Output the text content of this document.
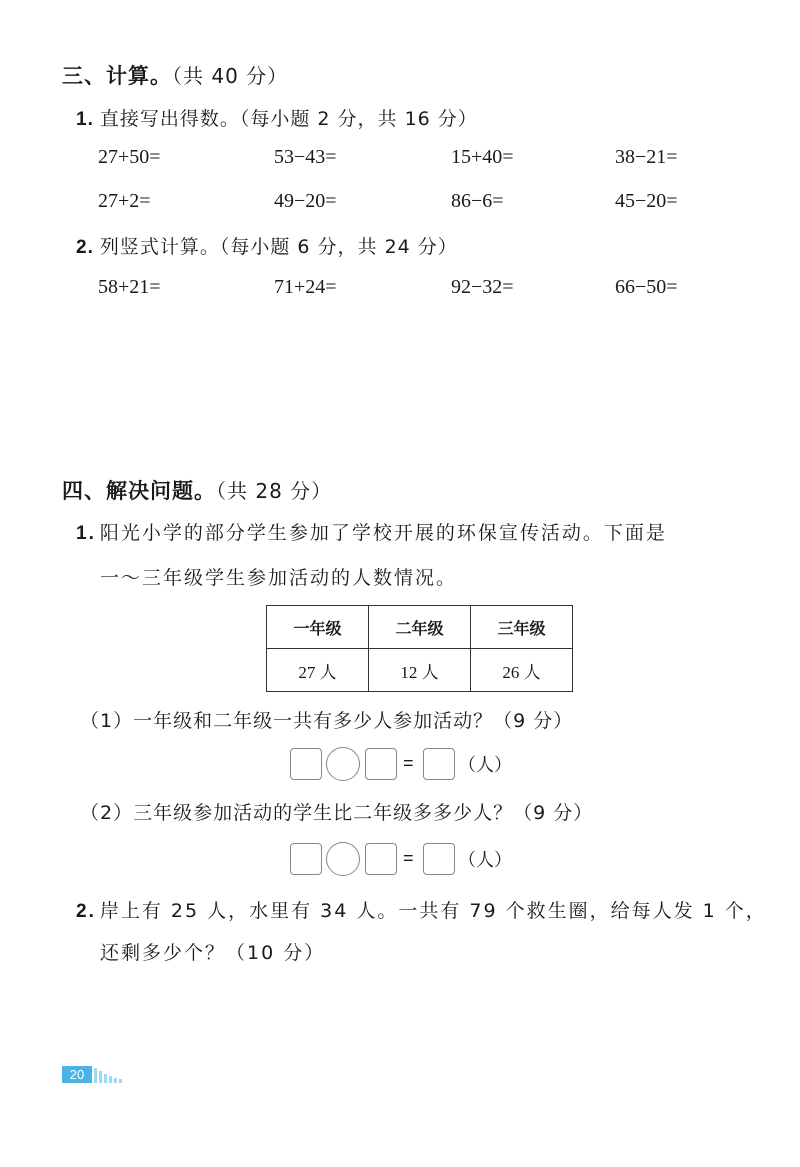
三、计算。（共 40 分）
1. 直接写出得数。（每小题 2 分，共 16 分）
27+50=	53−43=	15+40=	38−21=
27+2=	49−20=	86−6=	45−20=
2. 列竖式计算。（每小题 6 分，共 24 分）
58+21=	71+24=	92−32=	66−50=
四、解决问题。（共 28 分）
1. 阳光小学的部分学生参加了学校开展的环保宣传活动。下面是
一～三年级学生参加活动的人数情况。
一年级	二年级	三年级
27 人	12 人	26 人
（1）一年级和二年级一共有多少人参加活动？（9 分）
= （人）
（2）三年级参加活动的学生比二年级多多少人？（9 分）
= （人）
2. 岸上有 25 人，水里有 34 人。一共有 79 个救生圈，给每人发 1 个，
还剩多少个？（10 分）
20
